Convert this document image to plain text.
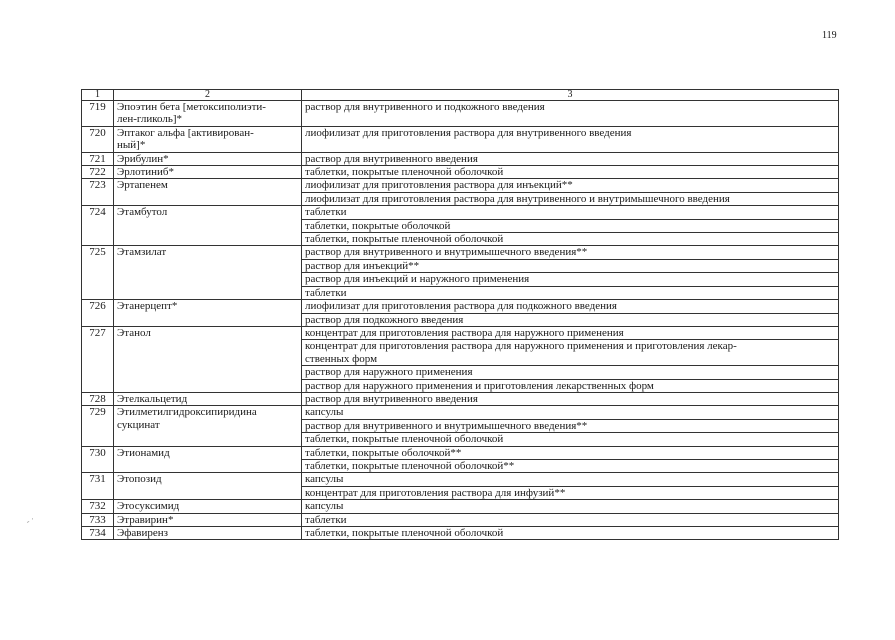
119
1	2	3
719	Эпоэтин бета [метоксиполиэти-
лен-гликоль]*	раствор для внутривенного и подкожного введения
720	Эптаког альфа [активирован-
ный]*	лиофилизат для приготовления раствора для внутривенного введения
721	Эрибулин*	раствор для внутривенного введения
722	Эрлотиниб*	таблетки, покрытые пленочной оболочкой
723	Эртапенем	лиофилизат для приготовления раствора для инъекций**
		лиофилизат для приготовления раствора для внутривенного и внутримышечного введения
724	Этамбутол	таблетки
		таблетки, покрытые оболочкой
		таблетки, покрытые пленочной оболочкой
725	Этамзилат	раствор для внутривенного и внутримышечного введения**
		раствор для инъекций**
		раствор для инъекций и наружного применения
		таблетки
726	Этанерцепт*	лиофилизат для приготовления раствора для подкожного введения
		раствор для подкожного введения
727	Этанол	концентрат для приготовления раствора для наружного применения
		концентрат для приготовления раствора для наружного применения и приготовления лекар-
ственных форм
		раствор для наружного применения
		раствор для наружного применения и приготовления лекарственных форм
728	Этелкальцетид	раствор для внутривенного введения
729	Этилметилгидроксипиридина
сукцинат	капсулы
		раствор для внутривенного и внутримышечного введения**
		таблетки, покрытые пленочной оболочкой
730	Этионамид	таблетки, покрытые оболочкой**
		таблетки, покрытые пленочной оболочкой**
731	Этопозид	капсулы
		концентрат для приготовления раствора для инфузий**
732	Этосуксимид	капсулы
733	Этравирин*	таблетки
734	Эфавиренз	таблетки, покрытые пленочной оболочкой
- ·
